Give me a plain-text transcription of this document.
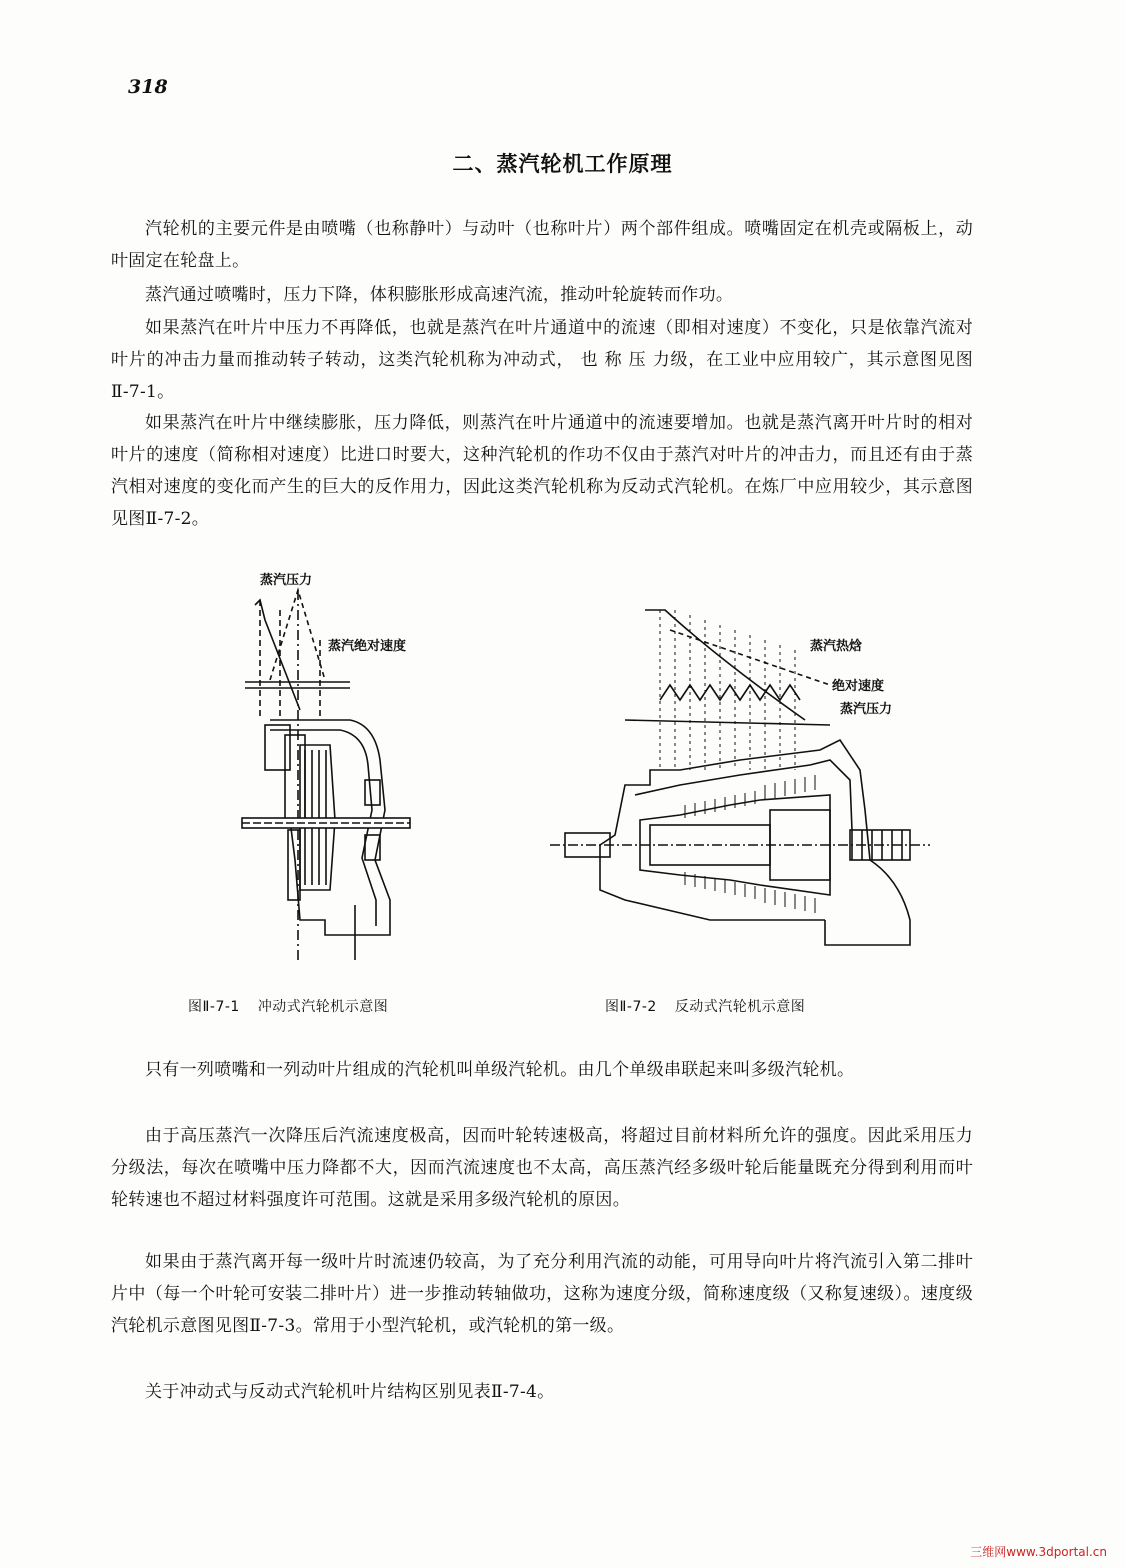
318
二、蒸汽轮机工作原理

汽轮机的主要元件是由喷嘴（也称静叶）与动叶（也称叶片）两个部件组成。喷嘴固定在机壳或隔板上，动叶固定在轮盘上。

蒸汽通过喷嘴时，压力下降，体积膨胀形成高速汽流，推动叶轮旋转而作功。

如果蒸汽在叶片中压力不再降低，也就是蒸汽在叶片通道中的流速（即相对速度）不变化，只是依靠汽流对叶片的冲击力量而推动转子转动，这类汽轮机称为冲动式， 也 称 压 力级，在工业中应用较广，其示意图见图Ⅱ-7-1。

如果蒸汽在叶片中继续膨胀，压力降低，则蒸汽在叶片通道中的流速要增加。也就是蒸汽离开叶片时的相对叶片的速度（简称相对速度）比进口时要大，这种汽轮机的作功不仅由于蒸汽对叶片的冲击力，而且还有由于蒸汽相对速度的变化而产生的巨大的反作用力，因此这类汽轮机称为反动式汽轮机。在炼厂中应用较少，其示意图见图Ⅱ-7-2。

蒸汽压力
蒸汽绝对速度	蒸汽热焓
绝对速度
蒸汽压力
图Ⅱ-7-1 冲动式汽轮机示意图	图Ⅱ-7-2 反动式汽轮机示意图

只有一列喷嘴和一列动叶片组成的汽轮机叫单级汽轮机。由几个单级串联起来叫多级汽轮机。

由于高压蒸汽一次降压后汽流速度极高，因而叶轮转速极高，将超过目前材料所允许的强度。因此采用压力分级法，每次在喷嘴中压力降都不大，因而汽流速度也不太高，高压蒸汽经多级叶轮后能量既充分得到利用而叶轮转速也不超过材料强度许可范围。这就是采用多级汽轮机的原因。

如果由于蒸汽离开每一级叶片时流速仍较高，为了充分利用汽流的动能，可用导向叶片将汽流引入第二排叶片中（每一个叶轮可安装二排叶片）进一步推动转轴做功，这称为速度分级，简称速度级（又称复速级）。速度级汽轮机示意图见图Ⅱ-7-3。常用于小型汽轮机，或汽轮机的第一级。

关于冲动式与反动式汽轮机叶片结构区别见表Ⅱ-7-4。

三维网www.3dportal.cn
